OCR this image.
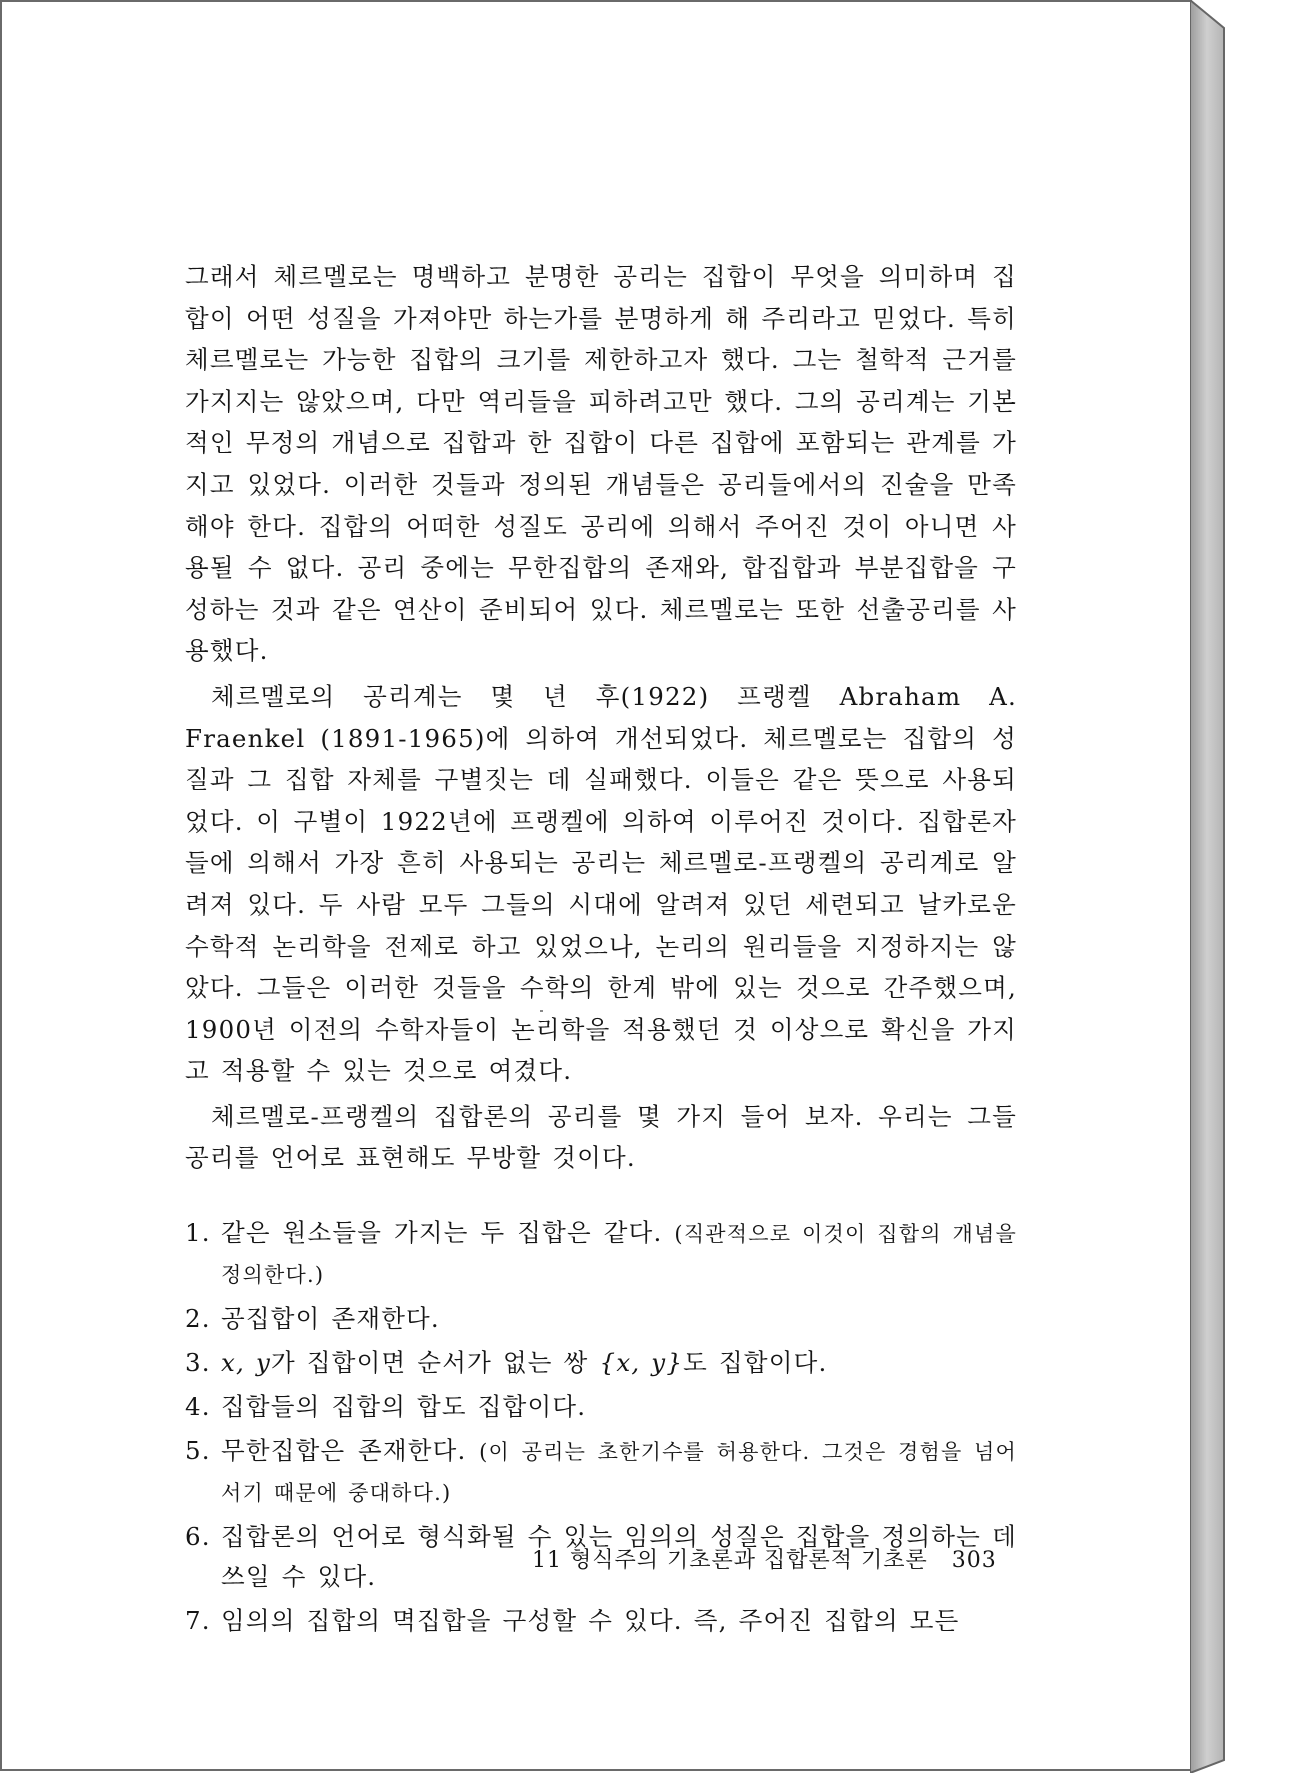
그래서 체르멜로는 명백하고 분명한 공리는 집합이 무엇을 의미하며 집합이 어떤 성질을 가져야만 하는가를 분명하게 해 주리라고 믿었다. 특히 체르멜로는 가능한 집합의 크기를 제한하고자 했다. 그는 철학적 근거를 가지지는 않았으며, 다만 역리들을 피하려고만 했다. 그의 공리계는 기본적인 무정의 개념으로 집합과 한 집합이 다른 집합에 포함되는 관계를 가지고 있었다. 이러한 것들과 정의된 개념들은 공리들에서의 진술을 만족해야 한다. 집합의 어떠한 성질도 공리에 의해서 주어진 것이 아니면 사용될 수 없다. 공리 중에는 무한집합의 존재와, 합집합과 부분집합을 구성하는 것과 같은 연산이 준비되어 있다. 체르멜로는 또한 선출공리를 사용했다.

체르멜로의 공리계는 몇 년 후(1922) 프랭켈 Abraham A. Fraenkel (1891-1965)에 의하여 개선되었다. 체르멜로는 집합의 성질과 그 집합 자체를 구별짓는 데 실패했다. 이들은 같은 뜻으로 사용되었다. 이 구별이 1922년에 프랭켈에 의하여 이루어진 것이다. 집합론자들에 의해서 가장 흔히 사용되는 공리는 체르멜로-프랭켈의 공리계로 알려져 있다. 두 사람 모두 그들의 시대에 알려져 있던 세련되고 날카로운 수학적 논리학을 전제로 하고 있었으나, 논리의 원리들을 지정하지는 않았다. 그들은 이러한 것들을 수학의 한계 밖에 있는 것으로 간주했으며, 1900년 이전의 수학자들이 논리학을 적용했던 것 이상으로 확신을 가지고 적용할 수 있는 것으로 여겼다.

체르멜로-프랭켈의 집합론의 공리를 몇 가지 들어 보자. 우리는 그들 공리를 언어로 표현해도 무방할 것이다.

1. 같은 원소들을 가지는 두 집합은 같다. (직관적으로 이것이 집합의 개념을 정의한다.)
2. 공집합이 존재한다.
3. x, y가 집합이면 순서가 없는 쌍 {x, y}도 집합이다.
4. 집합들의 집합의 합도 집합이다.
5. 무한집합은 존재한다. (이 공리는 초한기수를 허용한다. 그것은 경험을 넘어서기 때문에 중대하다.)
6. 집합론의 언어로 형식화될 수 있는 임의의 성질은 집합을 정의하는 데 쓰일 수 있다.
7. 임의의 집합의 멱집합을 구성할 수 있다. 즉, 주어진 집합의 모든
11 형식주의 기초론과 집합론적 기초론 303
